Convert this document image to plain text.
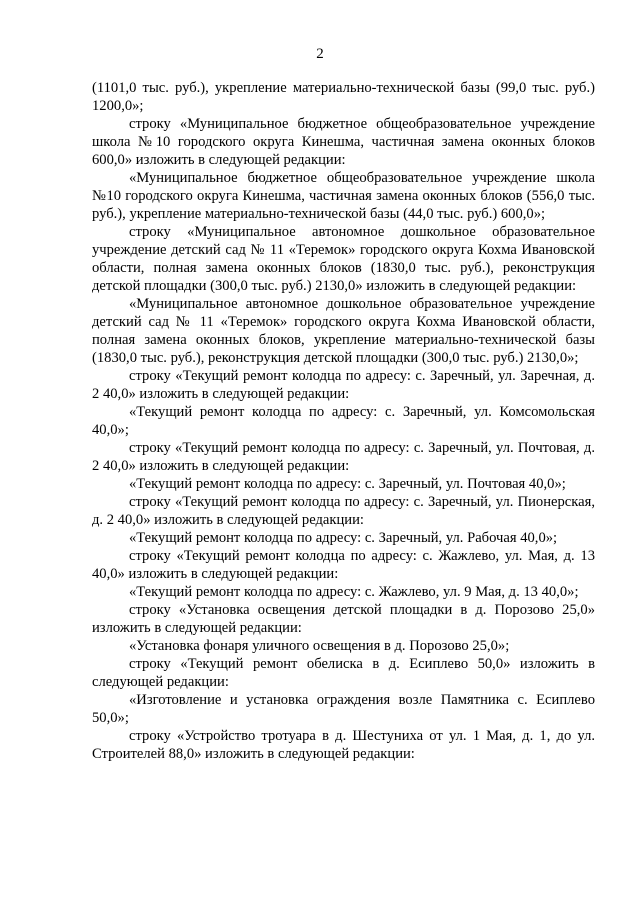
2

(1101,0 тыс. руб.), укрепление материально-технической базы (99,0 тыс. руб.) 1200,0»;

строку «Муниципальное бюджетное общеобразовательное учреждение школа №10 городского округа Кинешма, частичная замена оконных блоков 600,0» изложить в следующей редакции:

«Муниципальное бюджетное общеобразовательное учреждение школа №10 городского округа Кинешма, частичная замена оконных блоков (556,0 тыс. руб.), укрепление материально-технической базы (44,0 тыс. руб.) 600,0»;

строку «Муниципальное автономное дошкольное образовательное учреждение детский сад № 11 «Теремок» городского округа Кохма Ивановской области, полная замена оконных блоков (1830,0 тыс. руб.), реконструкция детской площадки (300,0 тыс. руб.) 2130,0» изложить в следующей редакции:

«Муниципальное автономное дошкольное образовательное учреждение детский сад № 11 «Теремок» городского округа Кохма Ивановской области, полная замена оконных блоков, укрепление материально-технической базы (1830,0 тыс. руб.), реконструкция детской площадки (300,0 тыс. руб.) 2130,0»;

строку «Текущий ремонт колодца по адресу: с. Заречный, ул. Заречная, д. 2 40,0» изложить в следующей редакции:

«Текущий ремонт колодца по адресу: с. Заречный, ул. Комсомольская 40,0»;

строку «Текущий ремонт колодца по адресу: с. Заречный, ул. Почтовая, д. 2 40,0» изложить в следующей редакции:

«Текущий ремонт колодца по адресу: с. Заречный, ул. Почтовая 40,0»;

строку «Текущий ремонт колодца по адресу: с. Заречный, ул. Пионерская, д. 2 40,0» изложить в следующей редакции:

«Текущий ремонт колодца по адресу: с. Заречный, ул. Рабочая 40,0»;

строку «Текущий ремонт колодца по адресу: с. Жажлево, ул. Мая, д. 13 40,0» изложить в следующей редакции:

«Текущий ремонт колодца по адресу: с. Жажлево, ул. 9 Мая, д. 13 40,0»;

строку «Установка освещения детской площадки в д. Порозово 25,0» изложить в следующей редакции:

«Установка фонаря уличного освещения в д. Порозово 25,0»;

строку «Текущий ремонт обелиска в д. Есиплево 50,0» изложить в следующей редакции:

«Изготовление и установка ограждения возле Памятника с. Есиплево 50,0»;

строку «Устройство тротуара в д. Шестуниха от ул. 1 Мая, д. 1, до ул. Строителей 88,0» изложить в следующей редакции:
